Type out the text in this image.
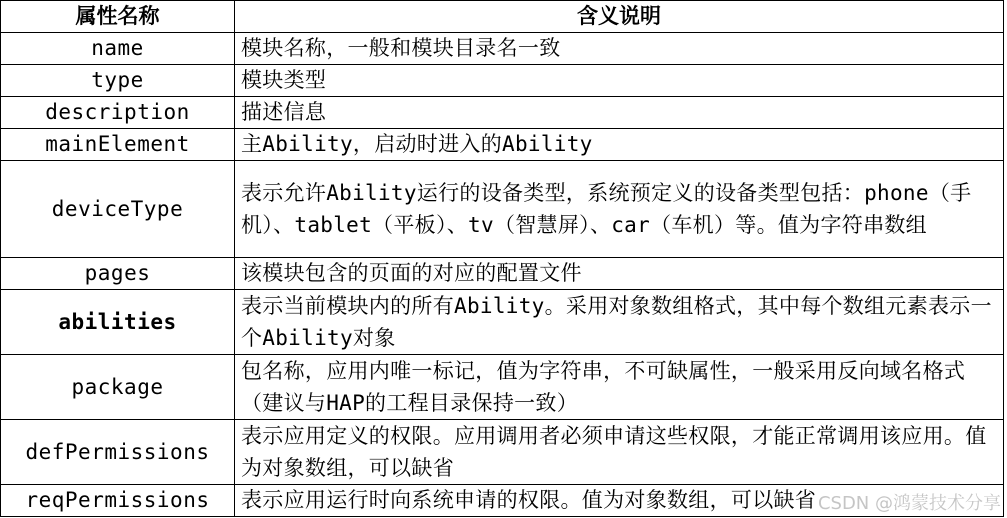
属性名称	含义说明
name	模块名称，一般和模块目录名一致
type	模块类型
description	描述信息
mainElement	主Ability，启动时进入的Ability
deviceType	表示允许Ability运行的设备类型，系统预定义的设备类型包括：phone（手机）、tablet（平板）、tv（智慧屏）、car（车机）等。值为字符串数组
pages	该模块包含的页面的对应的配置文件
abilities	表示当前模块内的所有Ability。采用对象数组格式，其中每个数组元素表示一个Ability对象
package	包名称，应用内唯一标记，值为字符串，不可缺属性，一般采用反向域名格式（建议与HAP的工程目录保持一致）
defPermissions	表示应用定义的权限。应用调用者必须申请这些权限，才能正常调用该应用。值为对象数组，可以缺省
reqPermissions	表示应用运行时向系统申请的权限。值为对象数组，可以缺省 CSDN @鸿蒙技术分享
